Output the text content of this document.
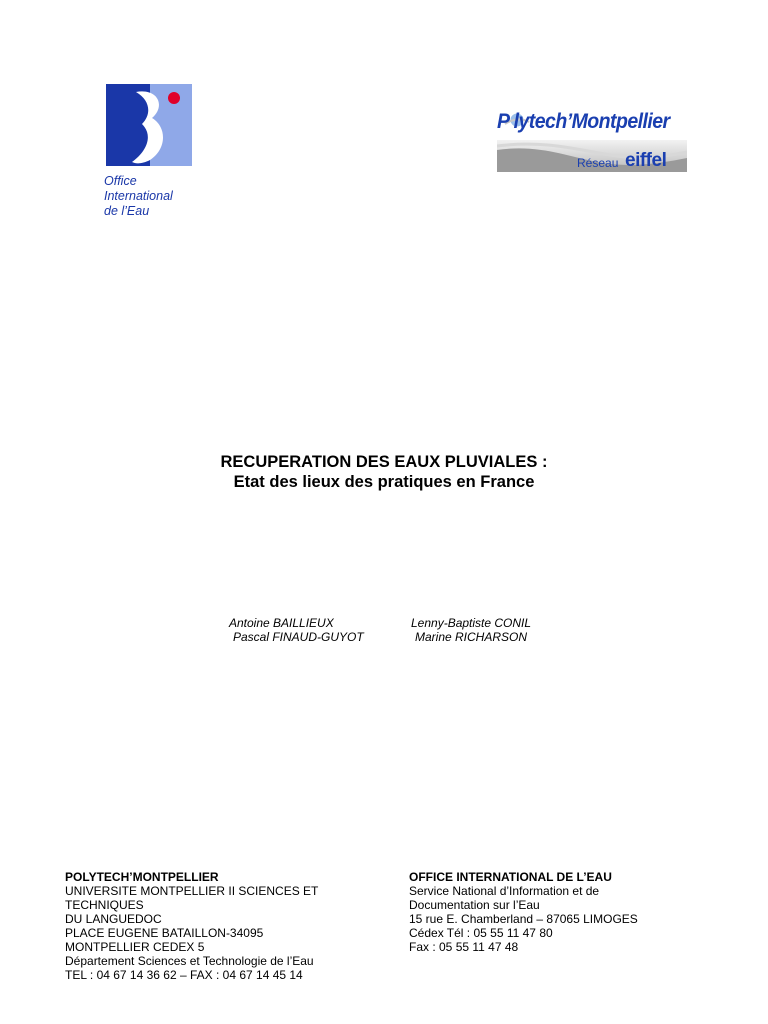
Office
International
de l’Eau
P lytech’Montpellier
Réseau eiffel
RECUPERATION DES EAUX PLUVIALES :
Etat des lieux des pratiques en France
Antoine BAILLIEUX
Pascal FINAUD-GUYOT
Lenny-Baptiste CONIL
Marine RICHARSON
POLYTECH’MONTPELLIER
UNIVERSITE MONTPELLIER II SCIENCES ET
TECHNIQUES
DU LANGUEDOC
PLACE EUGENE BATAILLON-34095
MONTPELLIER CEDEX 5
Département Sciences et Technologie de l’Eau
TEL : 04 67 14 36 62 – FAX : 04 67 14 45 14
OFFICE INTERNATIONAL DE L’EAU
Service National d’Information et de
Documentation sur l’Eau
15 rue E. Chamberland – 87065 LIMOGES
Cédex Tél : 05 55 11 47 80
Fax : 05 55 11 47 48
